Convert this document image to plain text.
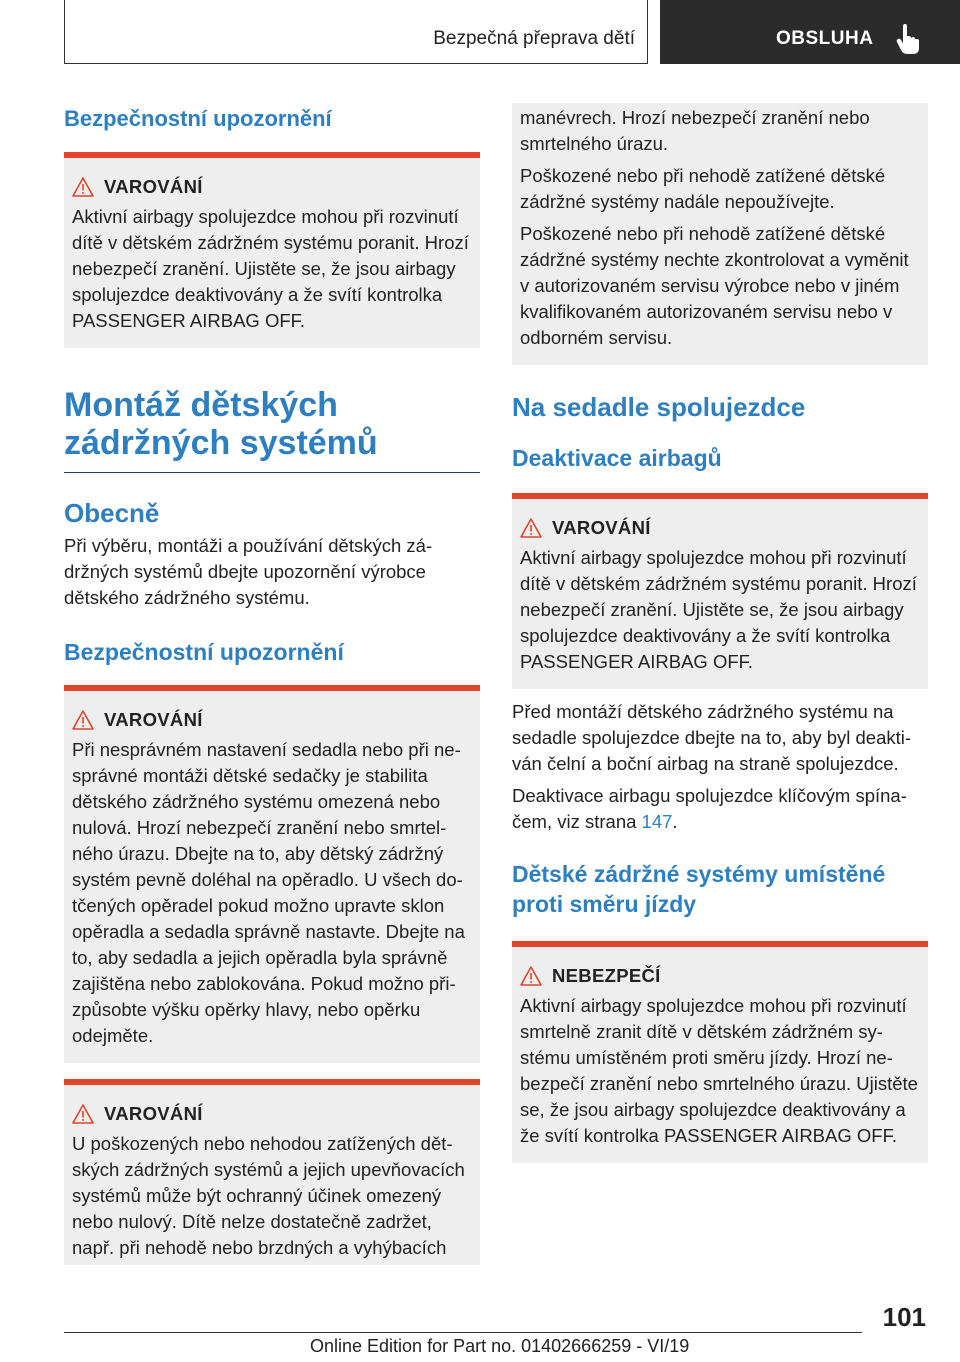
Bezpečná přeprava dětí	OBSLUHA
Bezpečnostní upozornění
VAROVÁNÍ

Aktivní airbagy spolujezdce mohou při rozvinutí dítě v dětském zádržném systému poranit. Hrozí nebezpečí zranění. Ujistěte se, že jsou airbagy spolujezdce deaktivovány a že svítí kontrolka PASSENGER AIRBAG OFF.

Montáž dětských
zádržných systémů
Obecně

Při výběru, montáži a používání dětských zádržných systémů dbejte upozornění výrobce dětského zádržného systému.

Bezpečnostní upozornění
VAROVÁNÍ

Při nesprávném nastavení sedadla nebo při nesprávné montáži dětské sedačky je stabilita dětského zádržného systému omezená nebo nulová. Hrozí nebezpečí zranění nebo smrtelného úrazu. Dbejte na to, aby dětský zádržný systém pevně doléhal na opěradlo. U všech dotčených opěradel pokud možno upravte sklon opěradla a sedadla správně nastavte. Dbejte na to, aby sedadla a jejich opěradla byla správně zajištěna nebo zablokována. Pokud možno přizpůsobte výšku opěrky hlavy, nebo opěrku odejměte.

VAROVÁNÍ

U poškozených nebo nehodou zatížených dětských zádržných systémů a jejich upevňovacích systémů může být ochranný účinek omezený nebo nulový. Dítě nelze dostatečně zadržet, např. při nehodě nebo brzdných a vyhýbacích

manévrech. Hrozí nebezpečí zranění nebo smrtelného úrazu.

Poškozené nebo při nehodě zatížené dětské zádržné systémy nadále nepoužívejte.

Poškozené nebo při nehodě zatížené dětské zádržné systémy nechte zkontrolovat a vyměnit v autorizovaném servisu výrobce nebo v jiném kvalifikovaném autorizovaném servisu nebo v odborném servisu.

Na sedadle spolujezdce
Deaktivace airbagů
VAROVÁNÍ

Aktivní airbagy spolujezdce mohou při rozvinutí dítě v dětském zádržném systému poranit. Hrozí nebezpečí zranění. Ujistěte se, že jsou airbagy spolujezdce deaktivovány a že svítí kontrolka PASSENGER AIRBAG OFF.

Před montáží dětského zádržného systému na sedadle spolujezdce dbejte na to, aby byl deaktiván čelní a boční airbag na straně spolujezdce.

Deaktivace airbagu spolujezdce klíčovým spínačem, viz strana 147.

Dětské zádržné systémy umístěné proti směru jízdy
NEBEZPEČÍ

Aktivní airbagy spolujezdce mohou při rozvinutí smrtelně zranit dítě v dětském zádržném systému umístěném proti směru jízdy. Hrozí nebezpečí zranění nebo smrtelného úrazu. Ujistěte se, že jsou airbagy spolujezdce deaktivovány a že svítí kontrolka PASSENGER AIRBAG OFF.

101
Online Edition for Part no. 01402666259 - VI/19
